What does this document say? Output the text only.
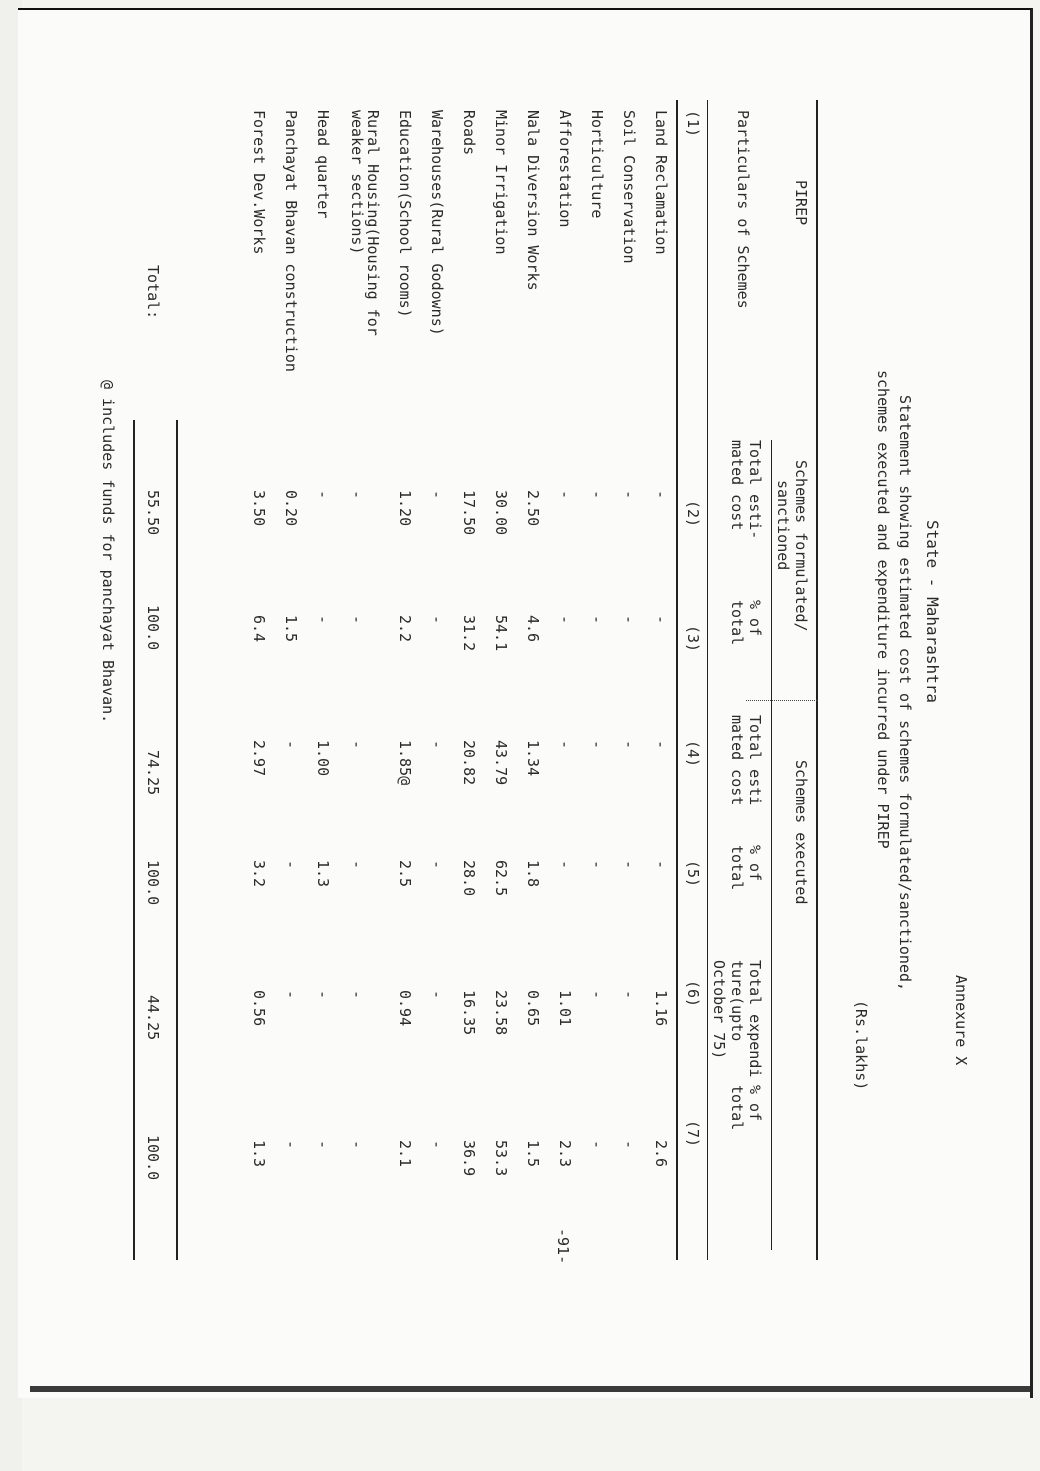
Annexure X
State - Maharashtra
Statement showing estimated cost of schemes formulated/sanctioned,
schemes executed and expenditure incurred under PIREP
(Rs.lakhs)
PIREP
Particulars of Schemes
Schemes formulated/
sanctioned
Schemes executed
Total esti-
mated cost
% of
total
Total esti
mated cost
% of
total
Total expendi
ture(upto
October 75)
% of
total
(1)
(2)
(3)
(4)
(5)
(6)
(7)
Land Reclamation
-
-
-
-
1.16
2.6
Soil Conservation
-
-
-
-
-
-
Horticulture
-
-
-
-
-
-
Afforestation
-
-
-
-
1.01
2.3
Nala Diversion Works
2.50
4.6
1.34
1.8
0.65
1.5
Minor Irrigation
30.00
54.1
43.79
62.5
23.58
53.3
Roads
17.50
31.2
20.82
28.0
16.35
36.9
Warehouses(Rural Godowns)
-
-
-
-
-
-
Education(School rooms)
1.20
2.2
1.85@
2.5
0.94
2.1
Rural Housing(Housing for
weaker sections)
-
-
-
-
-
-
Head quarter
-
-
1.00
1.3
-
-
Panchayat Bhavan construction
0.20
1.5
-
-
-
-
Forest Dev.Works
3.50
6.4
2.97
3.2
0.56
1.3
Total:
55.50
100.0
74.25
100.0
44.25
100.0
@ includes funds for panchayat Bhavan.
-91-
